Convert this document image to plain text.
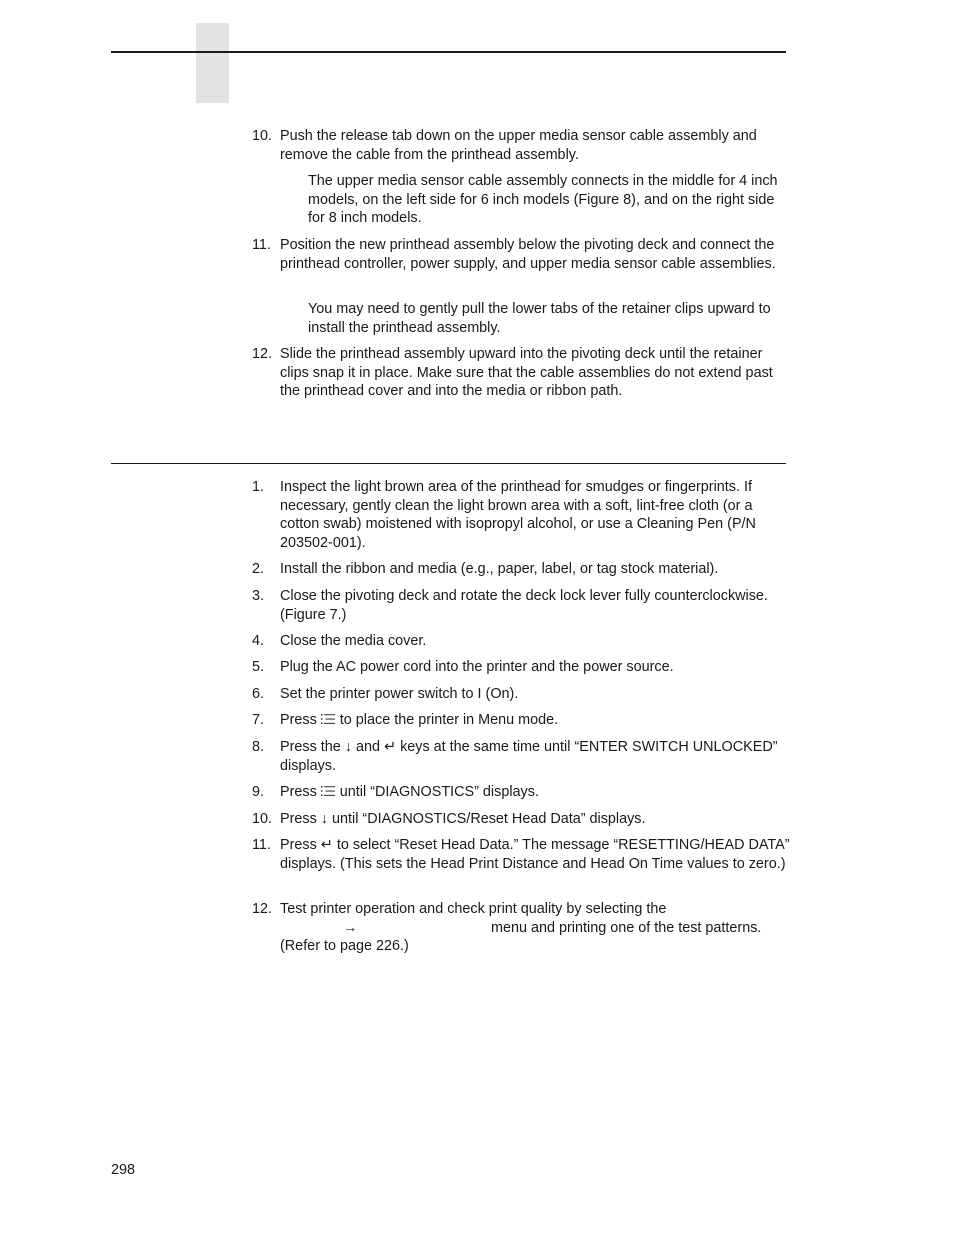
10. Push the release tab down on the upper media sensor cable assembly and remove the cable from the printhead assembly.
The upper media sensor cable assembly connects in the middle for 4 inch models, on the left side for 6 inch models (Figure 8), and on the right side for 8 inch models.
11. Position the new printhead assembly below the pivoting deck and connect the printhead controller, power supply, and upper media sensor cable assemblies.
You may need to gently pull the lower tabs of the retainer clips upward to install the printhead assembly.
12. Slide the printhead assembly upward into the pivoting deck until the retainer clips snap it in place. Make sure that the cable assemblies do not extend past the printhead cover and into the media or ribbon path.
1.	Inspect the light brown area of the printhead for smudges or fingerprints. If necessary, gently clean the light brown area with a soft, lint-free cloth (or a cotton swab) moistened with isopropyl alcohol, or use a Cleaning Pen (P/N 203502-001).
2.	Install the ribbon and media (e.g., paper, label, or tag stock material).
3.	Close the pivoting deck and rotate the deck lock lever fully counterclockwise. (Figure 7.)
4.	Close the media cover.
5.	Plug the AC power cord into the printer and the power source.
6.	Set the printer power switch to I (On).
7.	Press to place the printer in Menu mode.
8.	Press the ↓ and ↵ keys at the same time until “ENTER SWITCH UNLOCKED” displays.
9.	Press until “DIAGNOSTICS” displays.
10. Press ↓ until “DIAGNOSTICS/Reset Head Data” displays.
11. Press ↵ to select “Reset Head Data.” The message “RESETTING/HEAD DATA” displays. (This sets the Head Print Distance and Head On Time values to zero.)
12. Test printer operation and check print quality by selecting the
→	menu and printing one of the test patterns.
(Refer to page 226.)
298
